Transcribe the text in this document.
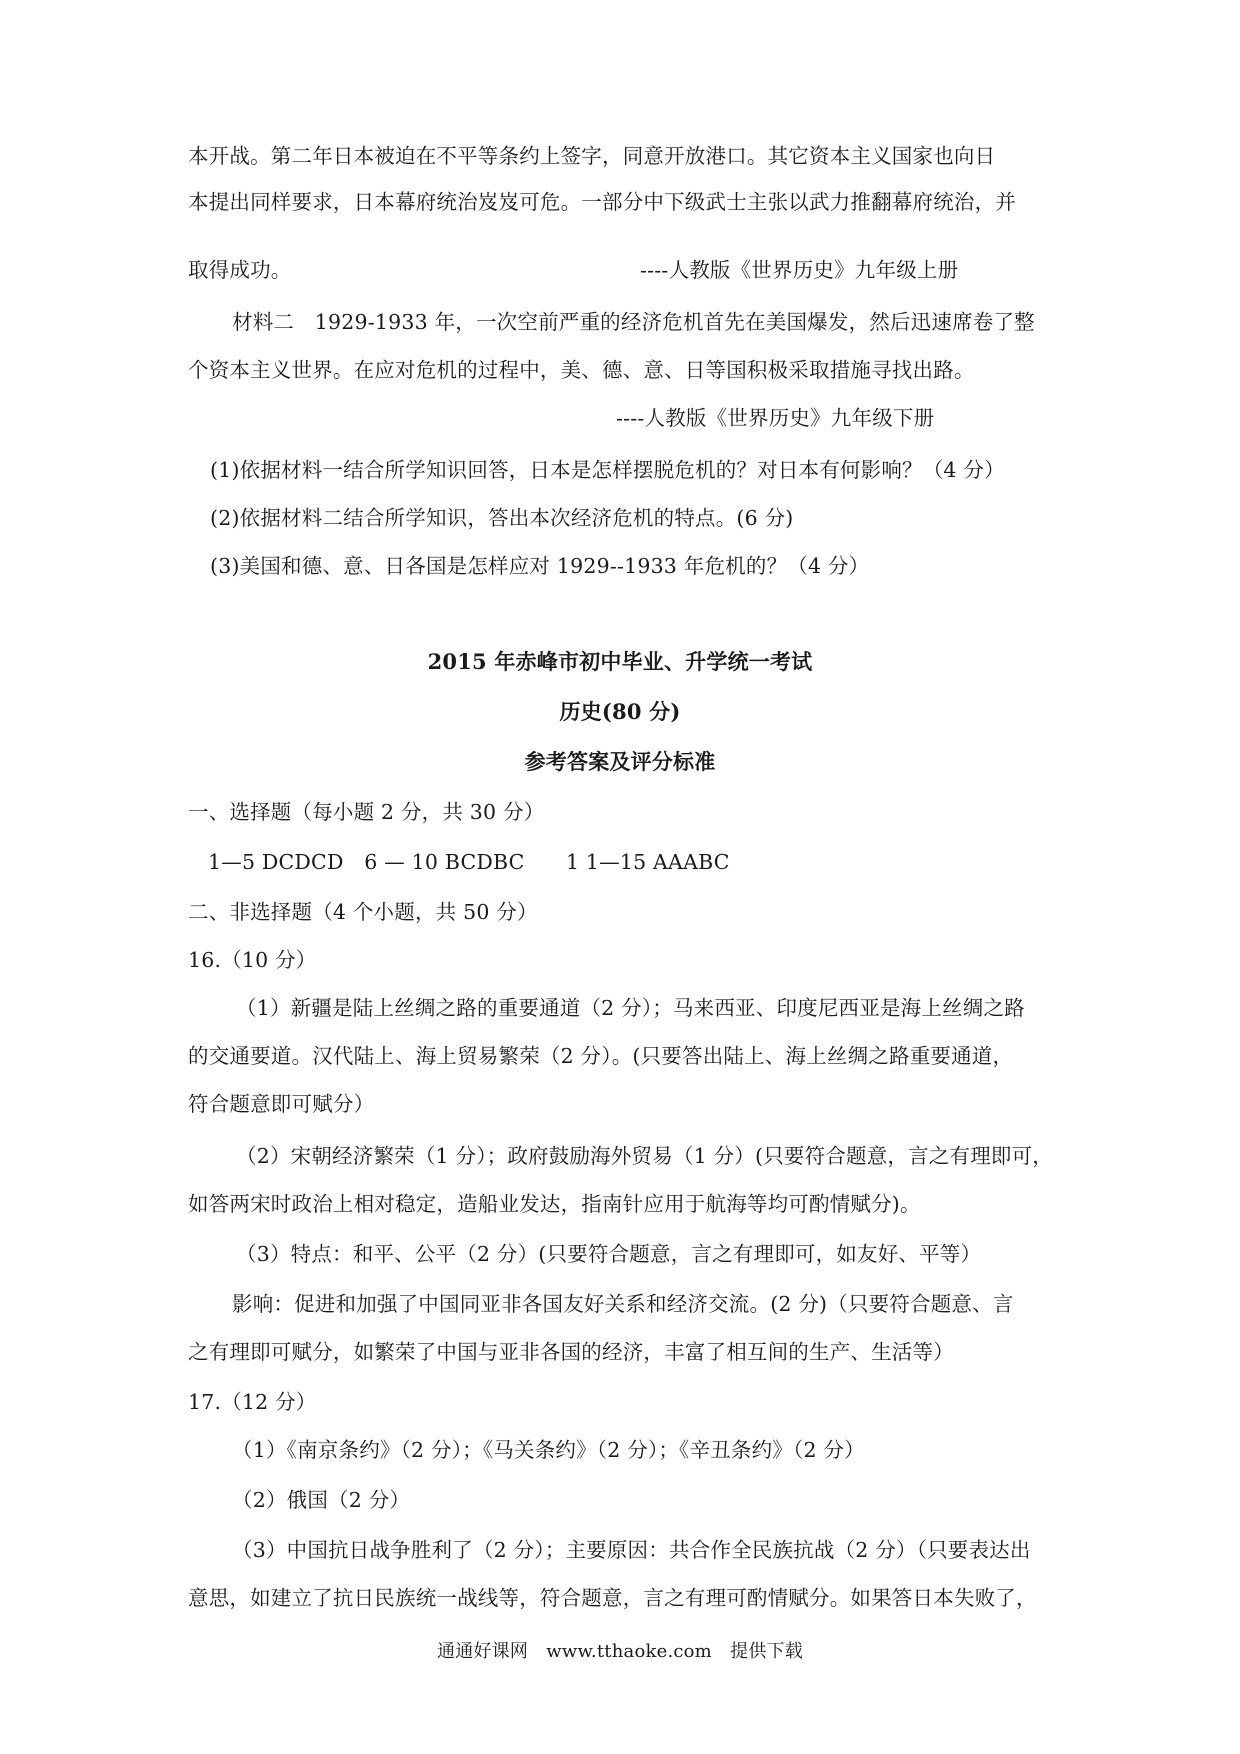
本开战。第二年日本被迫在不平等条约上签字，同意开放港口。其它资本主义国家也向日
本提出同样要求，日本幕府统治岌岌可危。一部分中下级武士主张以武力推翻幕府统治，并
取得成功。	----人教版《世界历史》九年级上册
材料二　1929-1933 年，一次空前严重的经济危机首先在美国爆发，然后迅速席卷了整
个资本主义世界。在应对危机的过程中，美、德、意、日等国积极采取措施寻找出路。
----人教版《世界历史》九年级下册
(1)依据材料一结合所学知识回答，日本是怎样摆脱危机的？对日本有何影响？（4 分）
(2)依据材料二结合所学知识，答出本次经济危机的特点。(6 分)
(3)美国和德、意、日各国是怎样应对 1929--1933 年危机的？（4 分）
2015 年赤峰市初中毕业、升学统一考试
历史(80 分)
参考答案及评分标准
一、选择题（每小题 2 分，共 30 分）
1—5 DCDCD　6 — 10 BCDBC　　1 1—15 AAABC
二、非选择题（4 个小题，共 50 分）
16.（10 分）
（1）新疆是陆上丝绸之路的重要通道（2 分）；马来西亚、印度尼西亚是海上丝绸之路
的交通要道。汉代陆上、海上贸易繁荣（2 分）。(只要答出陆上、海上丝绸之路重要通道，
符合题意即可赋分）
（2）宋朝经济繁荣（1 分）；政府鼓励海外贸易（1 分）(只要符合题意，言之有理即可，
如答两宋时政治上相对稳定，造船业发达，指南针应用于航海等均可酌情赋分)。
（3）特点：和平、公平（2 分）(只要符合题意，言之有理即可，如友好、平等）
影响：促进和加强了中国同亚非各国友好关系和经济交流。(2 分)（只要符合题意、言
之有理即可赋分，如繁荣了中国与亚非各国的经济，丰富了相互间的生产、生活等）
17.（12 分）
（1）《南京条约》（2 分）；《马关条约》（2 分）；《辛丑条约》（2 分）
（2）俄国（2 分）
（3）中国抗日战争胜利了（2 分）；主要原因：共合作全民族抗战（2 分）（只要表达出
意思，如建立了抗日民族统一战线等，符合题意，言之有理可酌情赋分。如果答日本失败了，
通通好课网　www.tthaoke.com　提供下载
